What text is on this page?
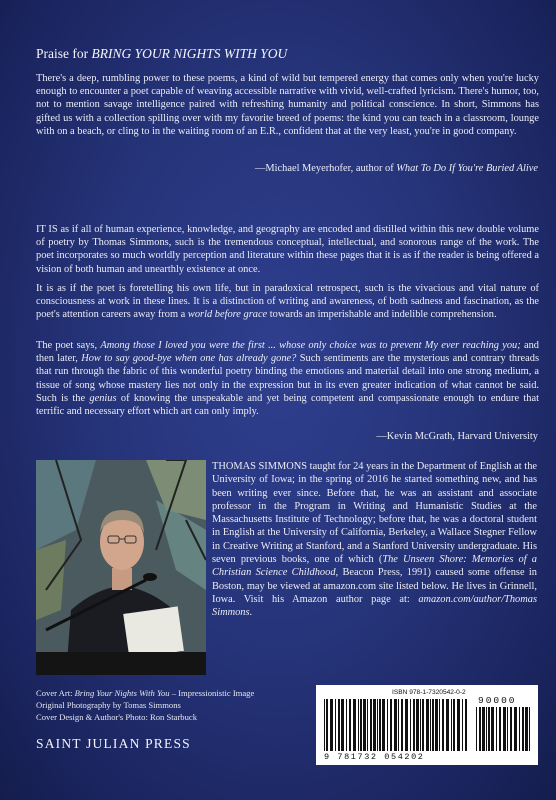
Praise for BRING YOUR NIGHTS WITH YOU
There's a deep, rumbling power to these poems, a kind of wild but tempered energy that comes only when you're lucky enough to encounter a poet capable of weaving accessible narrative with vivid, well-crafted lyricism. There's humor, too, not to mention savage intelligence paired with refreshing humanity and political conscience. In short, Simmons has gifted us with a collection spilling over with my favorite breed of poems: the kind you can teach in a classroom, lounge with on a beach, or cling to in the waiting room of an E.R., confident that at the very least, you're in good company.
—Michael Meyerhofer, author of What To Do If You're Buried Alive
IT IS as if all of human experience, knowledge, and geography are encoded and distilled within this new double volume of poetry by Thomas Simmons, such is the tremendous conceptual, intellectual, and sonorous range of the work. The poet incorporates so much worldly perception and literature within these pages that it is as if the reader is being offered a vision of both human and unearthly existence at once.
It is as if the poet is foretelling his own life, but in paradoxical retrospect, such is the vivacious and vital nature of consciousness at work in these lines. It is a distinction of writing and awareness, of both sadness and fascination, as the poet's attention careers away from a world before grace towards an imperishable and indelible comprehension.
The poet says, Among those I loved you were the first ... whose only choice was to prevent My ever reaching you; and then later, How to say good-bye when one has already gone? Such sentiments are the mysterious and contrary threads that run through the fabric of this wonderful poetry binding the emotions and material detail into one strong medium, a tissue of song whose mastery lies not only in the expression but in its even greater indication of what cannot be said. Such is the genius of knowing the unspeakable and yet being competent and compassionate enough to endure that terrific and necessary effort which art can only imply.
—Kevin McGrath, Harvard University
THOMAS SIMMONS taught for 24 years in the Department of English at the University of Iowa; in the spring of 2016 he started something new, and has been writing ever since. Before that, he was an assistant and associate professor in the Program in Writing and Humanistic Studies at the Massachusetts Institute of Technology; before that, he was a doctoral student in English at the University of California, Berkeley, a Wallace Stegner Fellow in Creative Writing at Stanford, and a Stanford University undergraduate. His seven previous books, one of which (The Unseen Shore: Memories of a Christian Science Childhood, Beacon Press, 1991) caused some offense in Boston, may be viewed at amazon.com site listed below. He lives in Grinnell, Iowa. Visit his Amazon author page at: amazon.com/author/Thomas Simmons.
Cover Art: Bring Your Nights With You – Impressionistic Image
Original Photography by Tomas Simmons
Cover Design & Author's Photo: Ron Starbuck
SAINT JULIAN PRESS
ISBN 978-1-7320542-0-2
90000
9 781732 054202
